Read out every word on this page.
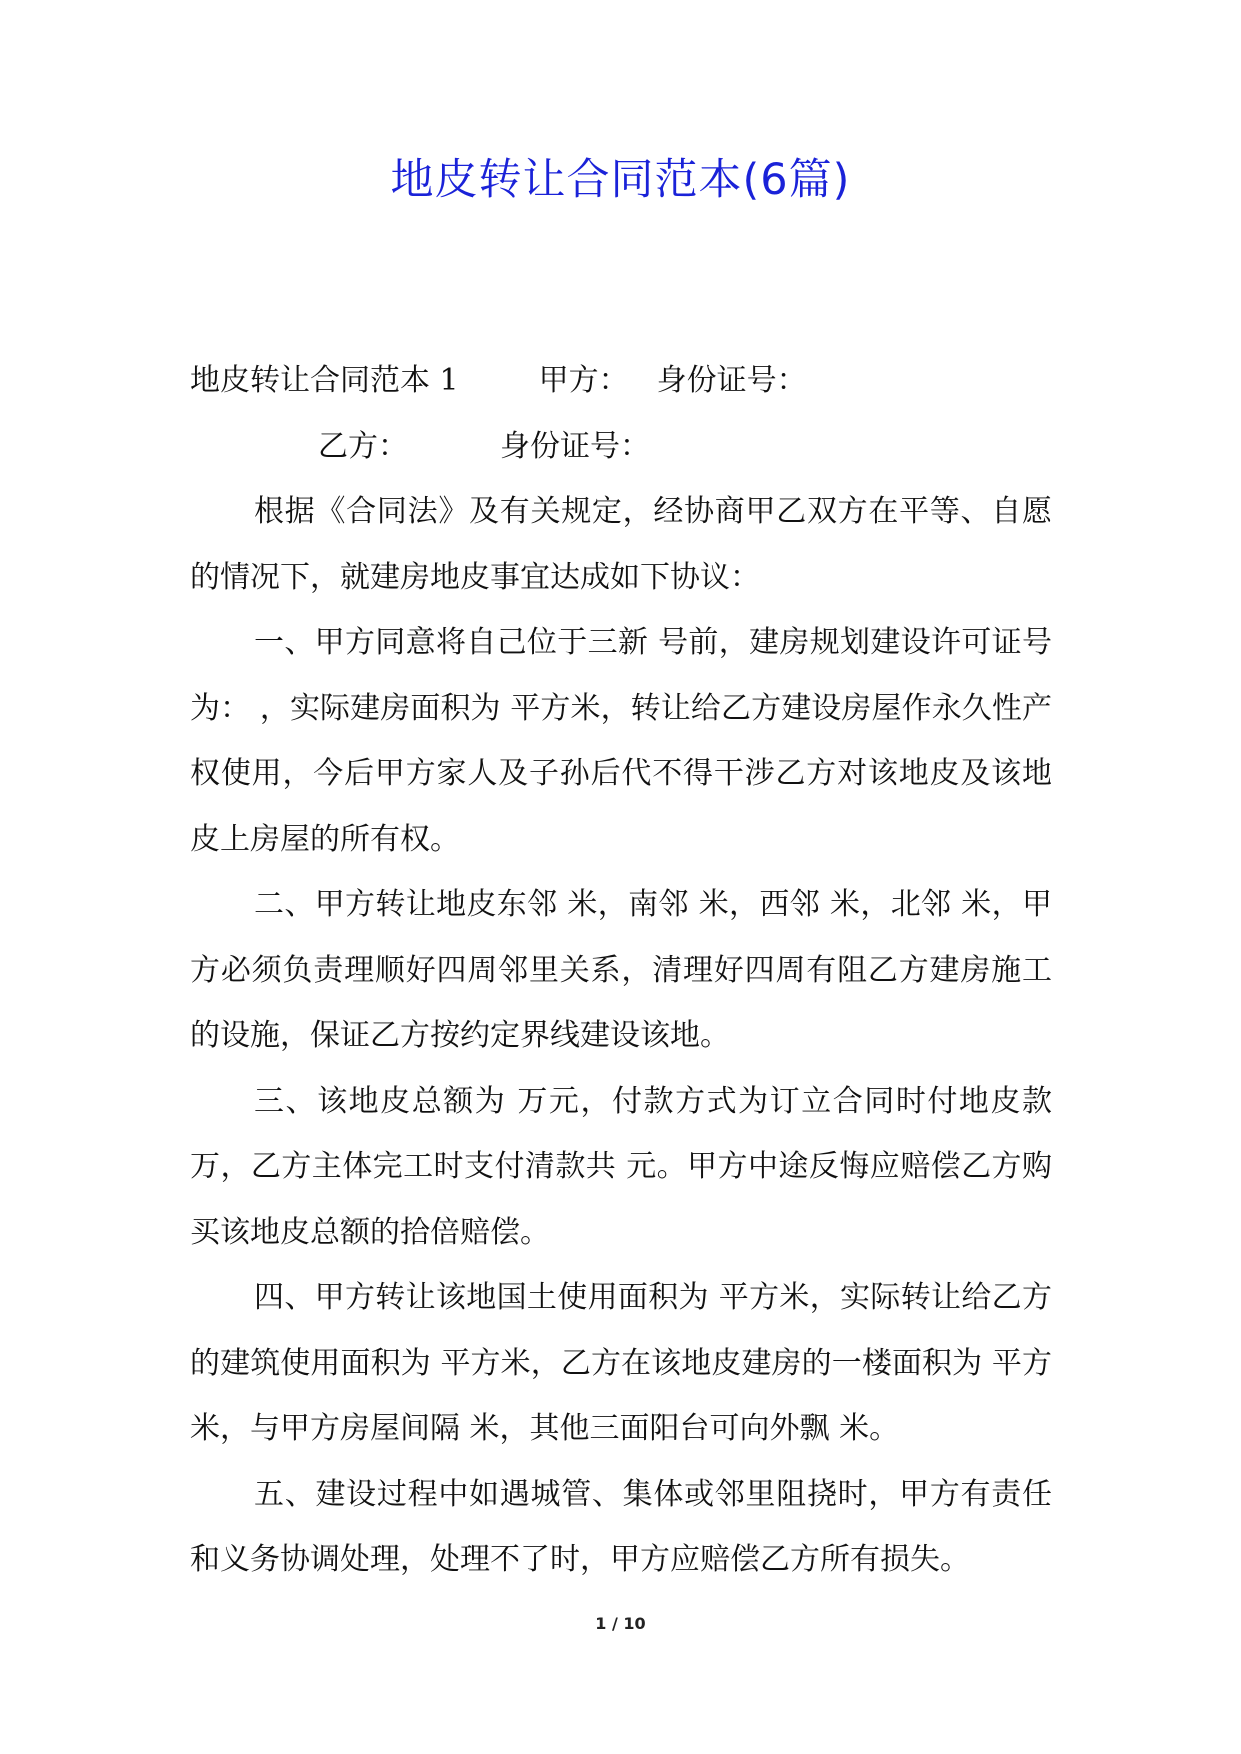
地皮转让合同范本(6篇)

地皮转让合同范本 1	甲方： 身份证号：

乙方：	身份证号：

根据《合同法》及有关规定，经协商甲乙双方在平等、自愿的情况下，就建房地皮事宜达成如下协议：

一、甲方同意将自己位于三新 号前，建房规划建设许可证号为： ，实际建房面积为 平方米，转让给乙方建设房屋作永久性产权使用，今后甲方家人及子孙后代不得干涉乙方对该地皮及该地皮上房屋的所有权。

二、甲方转让地皮东邻 米，南邻 米，西邻 米，北邻 米，甲方必须负责理顺好四周邻里关系，清理好四周有阻乙方建房施工的设施，保证乙方按约定界线建设该地。

三、该地皮总额为 万元，付款方式为订立合同时付地皮款 万，乙方主体完工时支付清款共 元。甲方中途反悔应赔偿乙方购买该地皮总额的拾倍赔偿。

四、甲方转让该地国土使用面积为 平方米，实际转让给乙方的建筑使用面积为 平方米，乙方在该地皮建房的一楼面积为 平方米，与甲方房屋间隔 米，其他三面阳台可向外飘 米。

五、建设过程中如遇城管、集体或邻里阻挠时，甲方有责任和义务协调处理，处理不了时，甲方应赔偿乙方所有损失。

1 / 10
